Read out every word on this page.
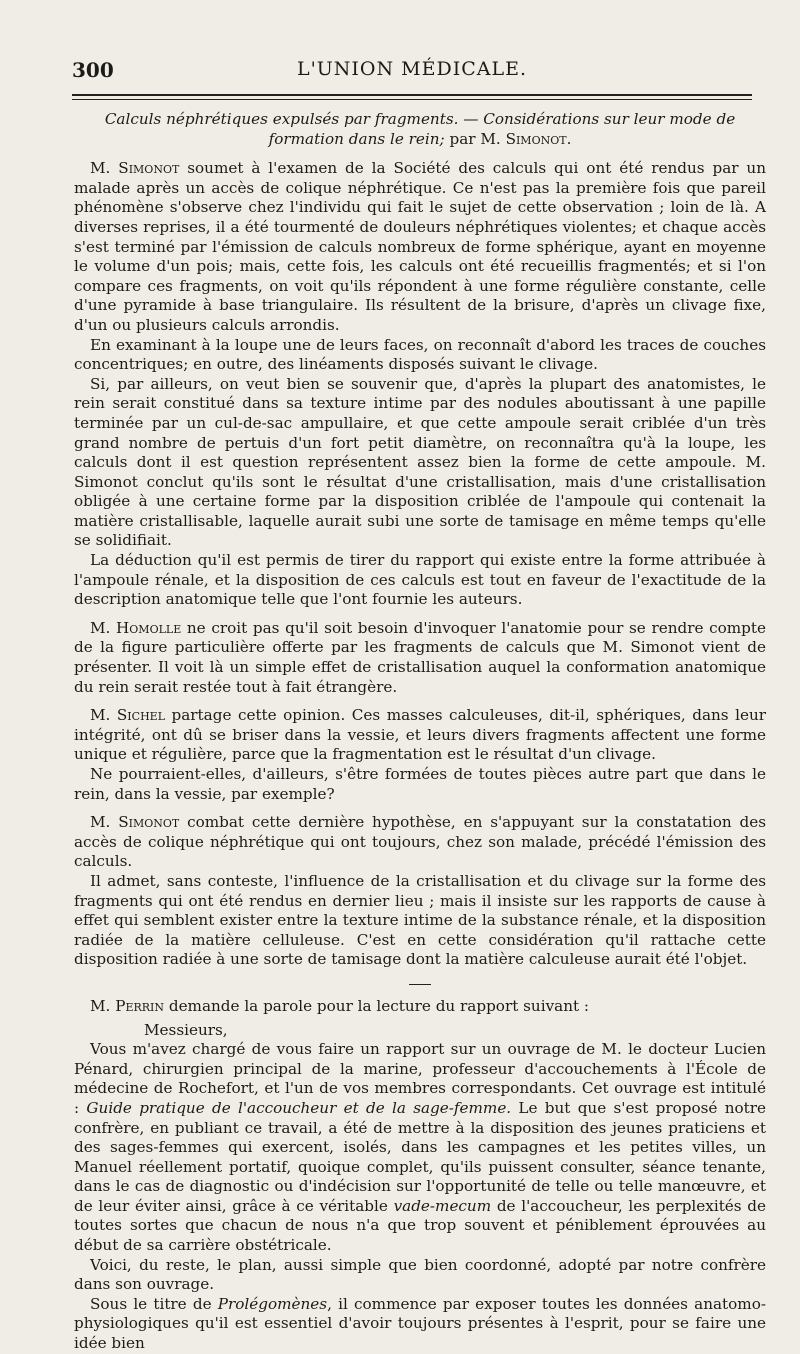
300	L'UNION MÉDICALE.
Calculs néphrétiques expulsés par fragments. — Considérations sur leur mode de formation dans le rein; par M. Simonot.

M. Simonot soumet à l'examen de la Société des calculs qui ont été rendus par un malade après un accès de colique néphrétique. Ce n'est pas la première fois que pareil phénomène s'observe chez l'individu qui fait le sujet de cette observation ; loin de là. A diverses reprises, il a été tourmenté de douleurs néphrétiques violentes; et chaque accès s'est terminé par l'émission de calculs nombreux de forme sphérique, ayant en moyenne le volume d'un pois; mais, cette fois, les calculs ont été recueillis fragmentés; et si l'on compare ces fragments, on voit qu'ils répondent à une forme régulière constante, celle d'une pyramide à base triangulaire. Ils résultent de la brisure, d'après un clivage fixe, d'un ou plusieurs calculs arrondis.

En examinant à la loupe une de leurs faces, on reconnaît d'abord les traces de couches concentriques; en outre, des linéaments disposés suivant le clivage.

Si, par ailleurs, on veut bien se souvenir que, d'après la plupart des anatomistes, le rein serait constitué dans sa texture intime par des nodules aboutissant à une papille terminée par un cul-de-sac ampullaire, et que cette ampoule serait criblée d'un très grand nombre de pertuis d'un fort petit diamètre, on reconnaîtra qu'à la loupe, les calculs dont il est question représentent assez bien la forme de cette ampoule. M. Simonot conclut qu'ils sont le résultat d'une cristallisation, mais d'une cristallisation obligée à une certaine forme par la disposition criblée de l'ampoule qui contenait la matière cristallisable, laquelle aurait subi une sorte de tamisage en même temps qu'elle se solidifiait.

La déduction qu'il est permis de tirer du rapport qui existe entre la forme attribuée à l'ampoule rénale, et la disposition de ces calculs est tout en faveur de l'exactitude de la description anatomique telle que l'ont fournie les auteurs.

M. Homolle ne croit pas qu'il soit besoin d'invoquer l'anatomie pour se rendre compte de la figure particulière offerte par les fragments de calculs que M. Simonot vient de présenter. Il voit là un simple effet de cristallisation auquel la conformation anatomique du rein serait restée tout à fait étrangère.

M. Sichel partage cette opinion. Ces masses calculeuses, dit-il, sphériques, dans leur intégrité, ont dû se briser dans la vessie, et leurs divers fragments affectent une forme unique et régulière, parce que la fragmentation est le résultat d'un clivage.

Ne pourraient-elles, d'ailleurs, s'être formées de toutes pièces autre part que dans le rein, dans la vessie, par exemple?

M. Simonot combat cette dernière hypothèse, en s'appuyant sur la constatation des accès de colique néphrétique qui ont toujours, chez son malade, précédé l'émission des calculs.

Il admet, sans conteste, l'influence de la cristallisation et du clivage sur la forme des fragments qui ont été rendus en dernier lieu ; mais il insiste sur les rapports de cause à effet qui semblent exister entre la texture intime de la substance rénale, et la disposition radiée de la matière celluleuse. C'est en cette considération qu'il rattache cette disposition radiée à une sorte de tamisage dont la matière calculeuse aurait été l'objet.

M. Perrin demande la parole pour la lecture du rapport suivant :

Messieurs,

Vous m'avez chargé de vous faire un rapport sur un ouvrage de M. le docteur Lucien Pénard, chirurgien principal de la marine, professeur d'accouchements à l'École de médecine de Rochefort, et l'un de vos membres correspondants. Cet ouvrage est intitulé : Guide pratique de l'accoucheur et de la sage-femme. Le but que s'est proposé notre confrère, en publiant ce travail, a été de mettre à la disposition des jeunes praticiens et des sages-femmes qui exercent, isolés, dans les campagnes et les petites villes, un Manuel réellement portatif, quoique complet, qu'ils puissent consulter, séance tenante, dans le cas de diagnostic ou d'indécision sur l'opportunité de telle ou telle manœuvre, et de leur éviter ainsi, grâce à ce véritable vade-mecum de l'accoucheur, les perplexités de toutes sortes que chacun de nous n'a que trop souvent et péniblement éprouvées au début de sa carrière obstétricale.

Voici, du reste, le plan, aussi simple que bien coordonné, adopté par notre confrère dans son ouvrage.

Sous le titre de Prolégomènes, il commence par exposer toutes les données anatomo-physiologiques qu'il est essentiel d'avoir toujours présentes à l'esprit, pour se faire une idée bien
